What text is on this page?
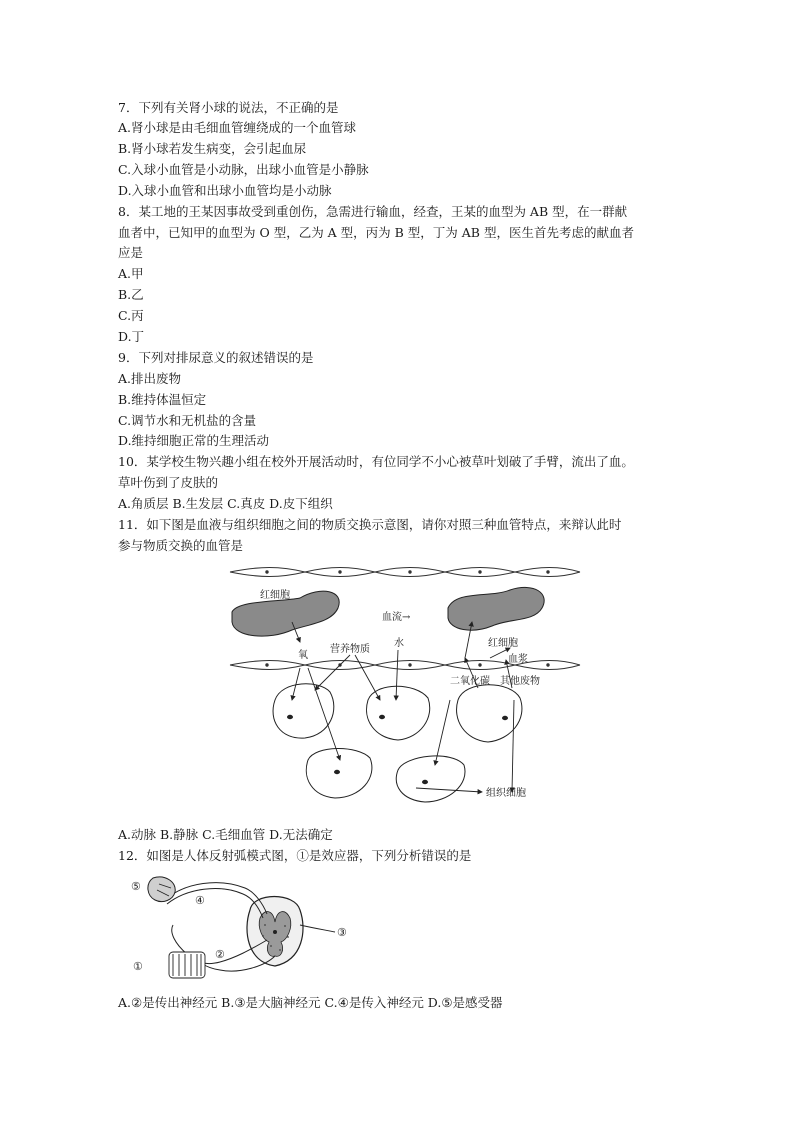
7．下列有关肾小球的说法，不正确的是
A.肾小球是由毛细血管缠绕成的一个血管球
B.肾小球若发生病变，会引起血尿
C.入球小血管是小动脉，出球小血管是小静脉
D.入球小血管和出球小血管均是小动脉
8．某工地的王某因事故受到重创伤，急需进行输血，经查，王某的血型为 AB 型，在一群献
血者中，已知甲的血型为 O 型，乙为 A 型，丙为 B 型，丁为 AB 型，医生首先考虑的献血者
应是
A.甲
B.乙
C.丙
D.丁
9．下列对排尿意义的叙述错误的是
A.排出废物
B.维持体温恒定
C.调节水和无机盐的含量
D.维持细胞正常的生理活动
10．某学校生物兴趣小组在校外开展活动时，有位同学不小心被草叶划破了手臂，流出了血。
草叶伤到了皮肤的
A.角质层 B.生发层 C.真皮 D.皮下组织
11．如下图是血液与组织细胞之间的物质交换示意图，请你对照三种血管特点，来辩认此时
参与物质交换的血管是
红细胞
血流→
红细胞
血浆
氧
营养物质
水
二氧化碳 其他废物
组织细胞
A.动脉 B.静脉 C.毛细血管 D.无法确定
12．如图是人体反射弧模式图，①是效应器，下列分析错误的是
⑤
④
③
②
①
A.②是传出神经元 B.③是大脑神经元 C.④是传入神经元 D.⑤是感受器
